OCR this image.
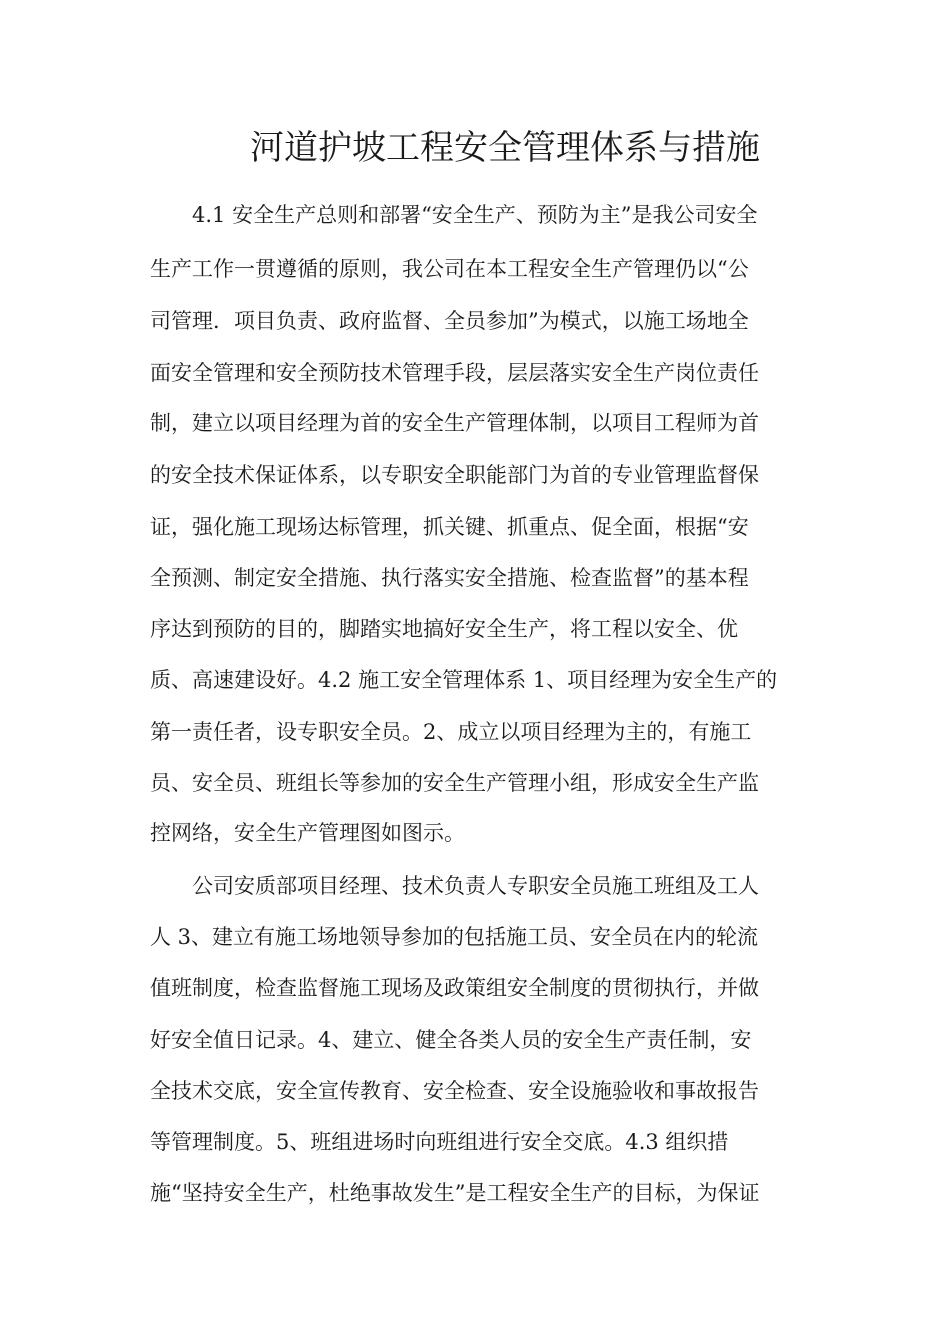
河道护坡工程安全管理体系与措施
4.1 安全生产总则和部署“安全生产、预防为主”是我公司安全
生产工作一贯遵循的原则，我公司在本工程安全生产管理仍以“公
司管理．项目负责、政府监督、全员参加”为模式，以施工场地全
面安全管理和安全预防技术管理手段，层层落实安全生产岗位责任
制，建立以项目经理为首的安全生产管理体制，以项目工程师为首
的安全技术保证体系，以专职安全职能部门为首的专业管理监督保
证，强化施工现场达标管理，抓关键、抓重点、促全面，根据“安
全预测、制定安全措施、执行落实安全措施、检查监督”的基本程
序达到预防的目的，脚踏实地搞好安全生产，将工程以安全、优
质、高速建设好。4.2 施工安全管理体系 1、项目经理为安全生产的
第一责任者，设专职安全员。2、成立以项目经理为主的，有施工
员、安全员、班组长等参加的安全生产管理小组，形成安全生产监
控网络，安全生产管理图如图示。
公司安质部项目经理、技术负责人专职安全员施工班组及工人
人 3、建立有施工场地领导参加的包括施工员、安全员在内的轮流
值班制度，检查监督施工现场及政策组安全制度的贯彻执行，并做
好安全值日记录。4、建立、健全各类人员的安全生产责任制，安
全技术交底，安全宣传教育、安全检查、安全设施验收和事故报告
等管理制度。5、班组进场时向班组进行安全交底。4.3 组织措
施“坚持安全生产，杜绝事故发生”是工程安全生产的目标，为保证
